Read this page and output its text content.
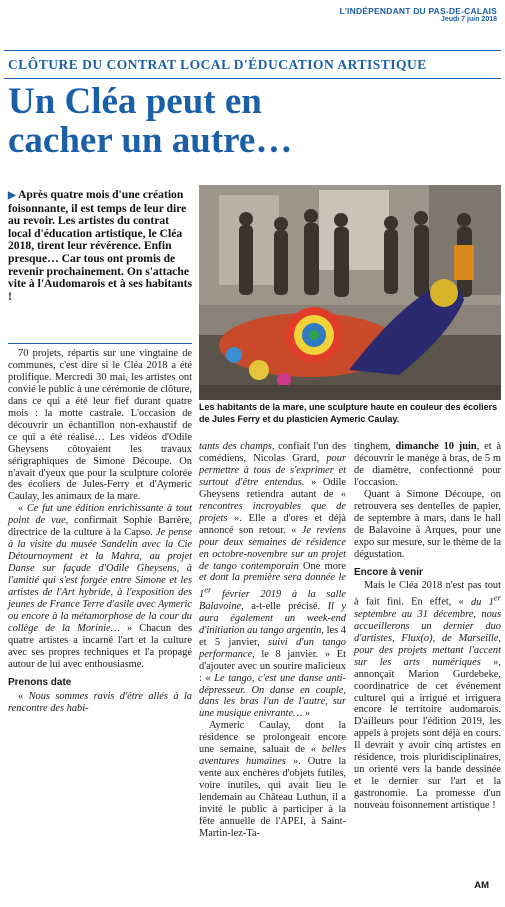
L'INDÉPENDANT DU PAS-DE-CALAIS
Jeudi 7 juin 2018
CLÔTURE DU CONTRAT LOCAL D'ÉDUCATION ARTISTIQUE
Un Cléa peut en cacher un autre…
▶ Après quatre mois d'une création foisonnante, il est temps de leur dire au revoir. Les artistes du contrat local d'éducation artistique, le Cléa 2018, tirent leur révérence. Enfin presque… Car tous ont promis de revenir prochainement. On s'attache vite à l'Audomarois et à ses habitants !
Les habitants de la mare, une sculpture haute en couleur des écoliers de Jules Ferry et du plasticien Aymeric Caulay.

70 projets, répartis sur une vingtaine de communes, c'est dire si le Cléa 2018 a été prolifique. Mercredi 30 mai, les artistes ont convié le public à une cérémonie de clôture, dans ce qui a été leur fief durant quatre mois : la motte castrale. L'occasion de découvrir un échantillon non-exhaustif de ce qui a été réalisé… Les vidéos d'Odile Gheysens côtoyaient les travaux sérigraphiques de Simone Découpe. On n'avait d'yeux que pour la sculpture colorée des écoliers de Jules-Ferry et d'Aymeric Caulay, les animaux de la mare.

« Ce fut une édition enrichissante à tout point de vue, confirmait Sophie Barrère, directrice de la culture à la Capso. Je pense à la visite du musée Sandelin avec la Cie Détournoyment et la Mahra, au projet Danse sur façade d'Odile Gheysens, à l'amitié qui s'est forgée entre Simone et les artistes de l'Art hybride, à l'exposition des jeunes de France Terre d'asile avec Aymeric ou encore à la métamorphose de la cour du collège de la Morinie… » Chacun des quatre artistes a incarné l'art et la culture avec ses propres techniques et l'a propagé autour de lui avec enthousiasme.

Prenons date

« Nous sommes ravis d'être allés à la rencontre des habi-

tants des champs, confiait l'un des comédiens, Nicolas Grard, pour permettre à tous de s'exprimer et surtout d'être entendus. » Odile Gheysens retiendra autant de « rencontres incroyables que de projets ». Elle a d'ores et déjà annoncé son retour. « Je reviens pour deux semaines de résidence en octobre-novembre sur un projet de tango contemporain One more et dont la première sera donnée le 1er février 2019 à la salle Balavoine, a-t-elle précisé. Il y aura également un week-end d'initiation au tango argentin, les 4 et 5 janvier, suivi d'un tango performance, le 8 janvier. » Et d'ajouter avec un sourire malicieux : « Le tango, c'est une danse anti-dépresseur. On danse en couple, dans les bras l'un de l'autre, sur une musique enivrante… »

Aymeric Caulay, dont la résidence se prolongeait encore une semaine, saluait de « belles aventures humaines ». Outre la vente aux enchères d'objets futiles, voire inutiles, qui avait lieu le lendemain au Château Luthun, il a invité le public à participer à la fête annuelle de l'APEI, à Saint-Martin-lez-Ta-

tinghem, dimanche 10 juin, et à découvrir le manège à bras, de 5 m de diamètre, confectionné pour l'occasion.

Quant à Simone Découpe, on retrouvera ses dentelles de papier, de septembre à mars, dans le hall de Balavoine à Arques, pour une expo sur mesure, sur le thème de la dégustation.

Encore à venir

Mais le Cléa 2018 n'est pas tout à fait fini. En effet, « du 1er septembre au 31 décembre, nous accueillerons un dernier duo d'artistes, Flux(o), de Marseille, pour des projets mettant l'accent sur les arts numériques », annonçait Marion Gurdebeke, coordinatrice de cet événement culturel qui a irrigué et irriguera encore le territoire audomarois. D'ailleurs pour l'édition 2019, les appels à projets sont déjà en cours. Il devrait y avoir cinq artistes en résidence, trois pluridisciplinaires, un orienté vers la bande dessinée et le dernier sur l'art et la gastronomie. La promesse d'un nouveau foisonnement artistique !

AM
